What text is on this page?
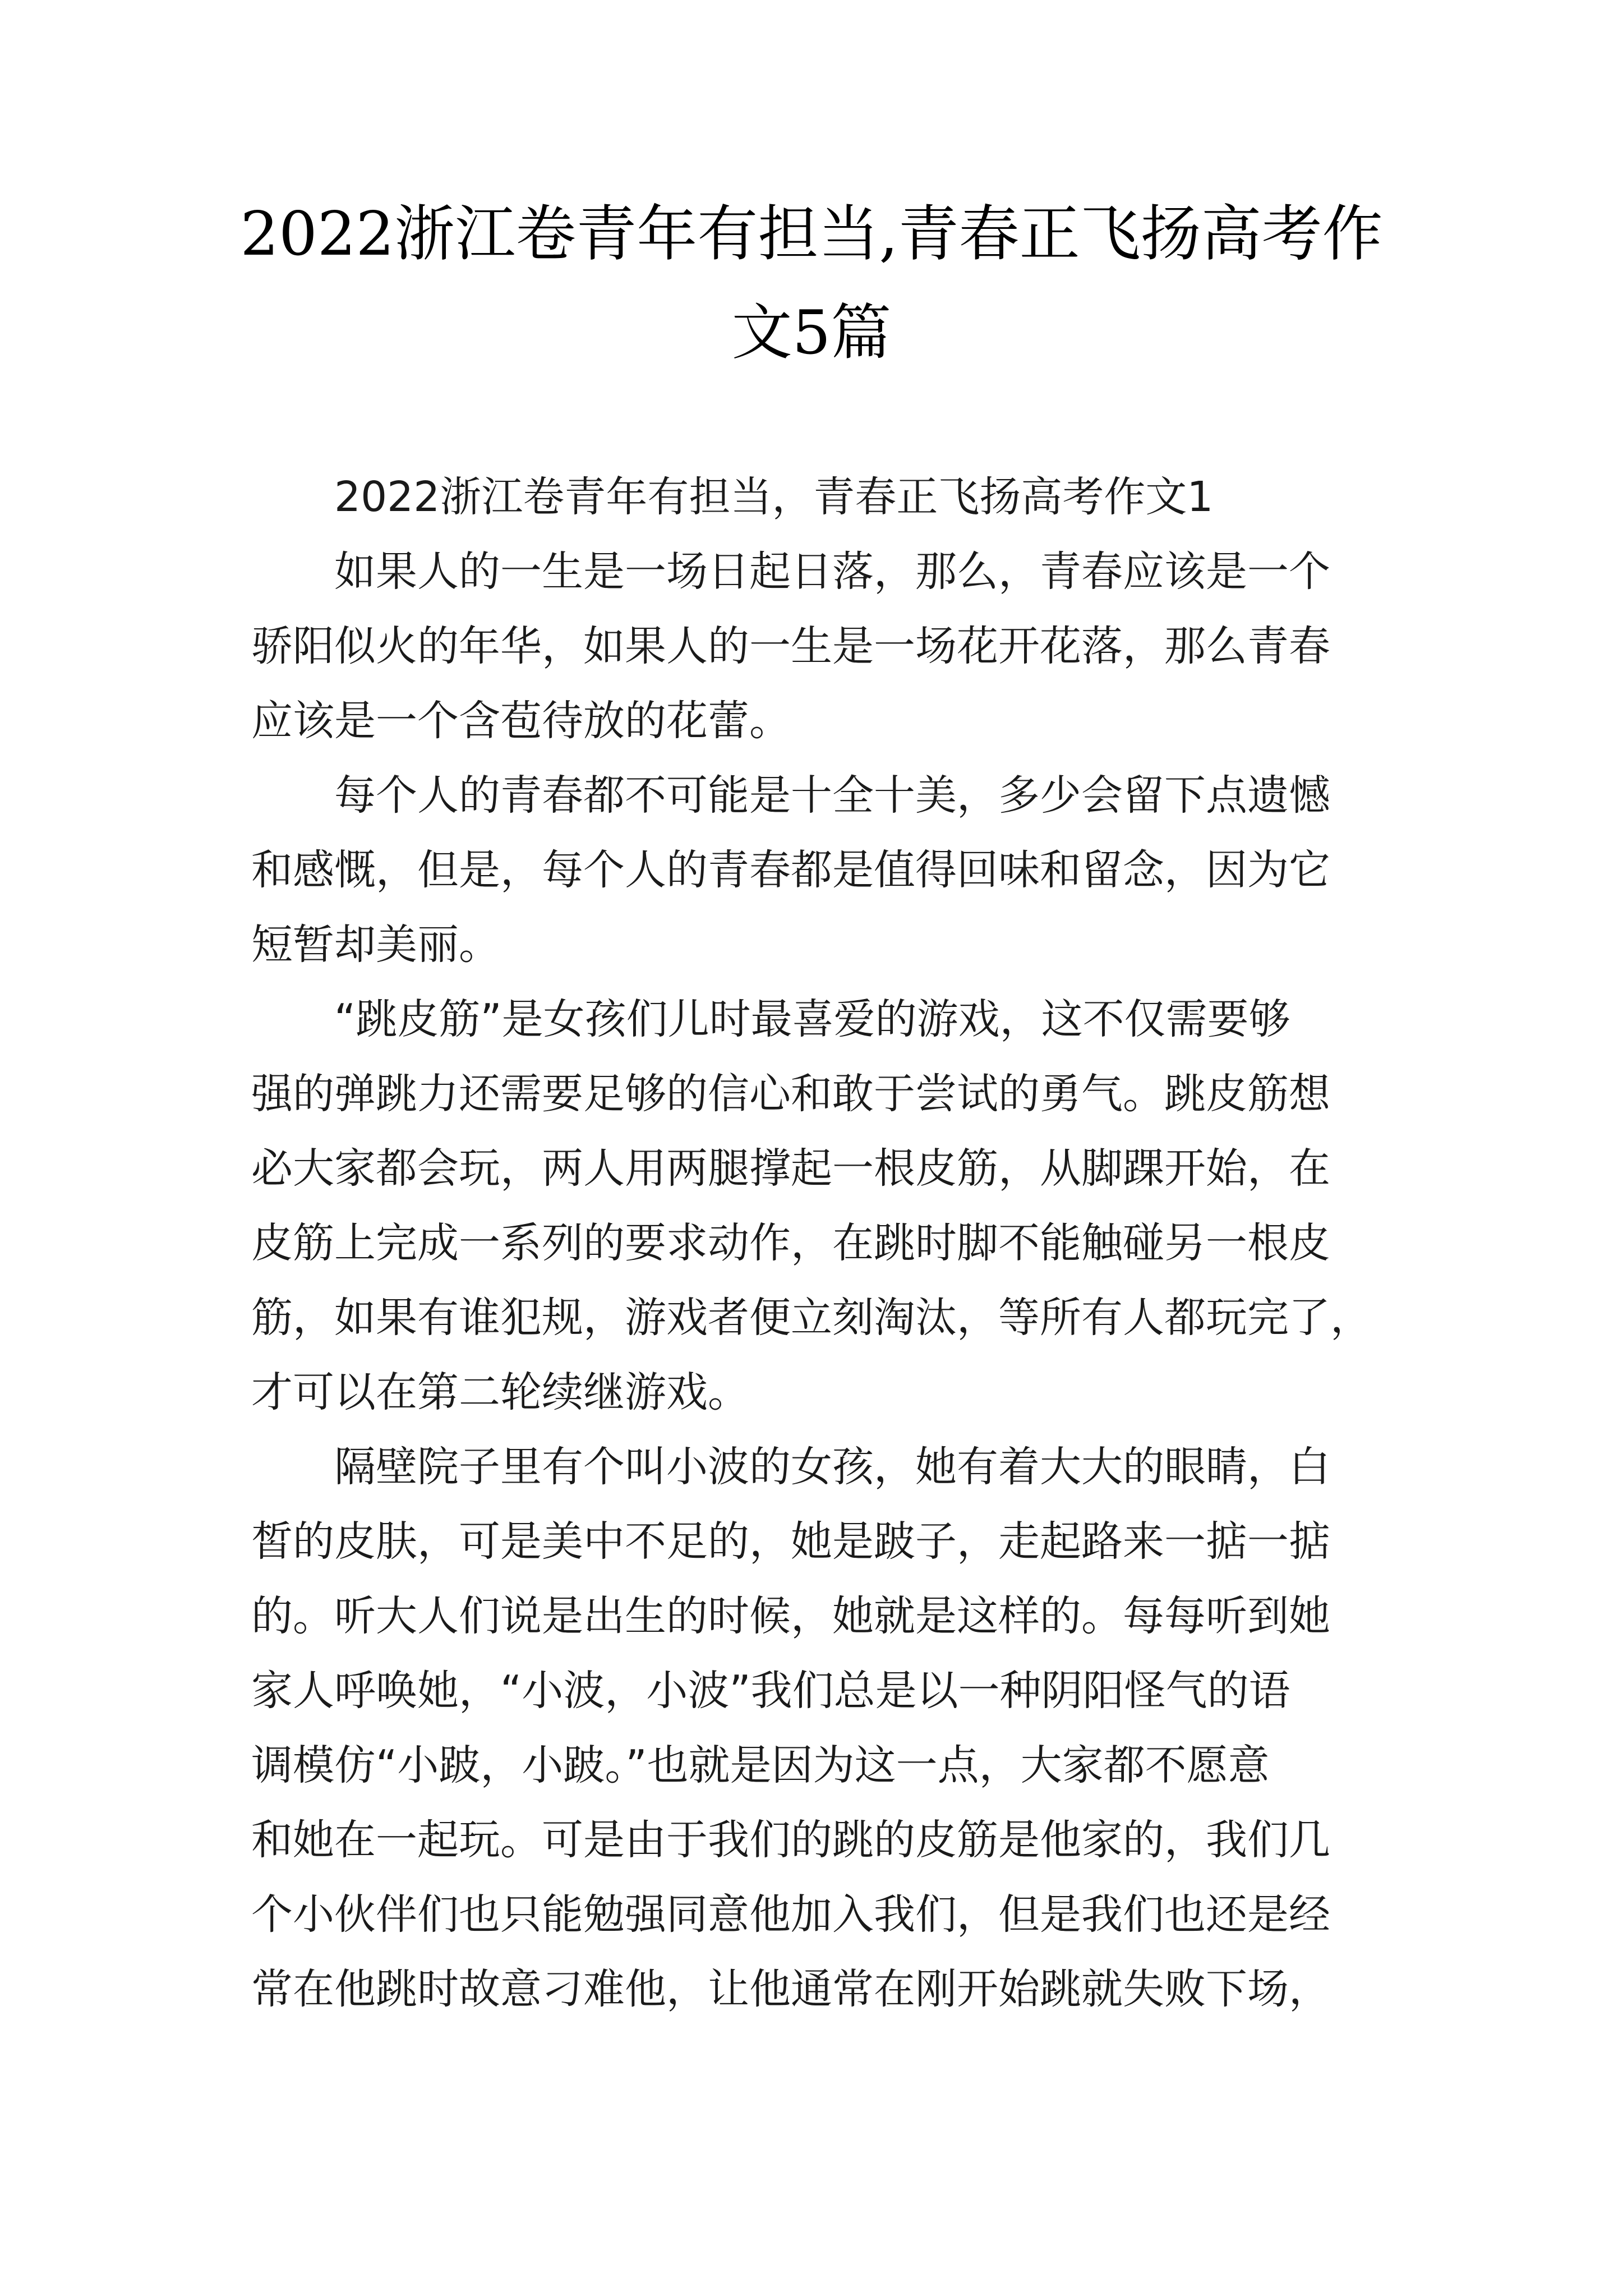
2022浙江卷青年有担当,青春正飞扬高考作
文5篇

2022浙江卷青年有担当，青春正飞扬高考作文1

如果人的一生是一场日起日落，那么，青春应该是一个
骄阳似火的年华，如果人的一生是一场花开花落，那么青春
应该是一个含苞待放的花蕾。

每个人的青春都不可能是十全十美，多少会留下点遗憾
和感慨，但是，每个人的青春都是值得回味和留念，因为它
短暂却美丽。

“跳皮筋”是女孩们儿时最喜爱的游戏，这不仅需要够
强的弹跳力还需要足够的信心和敢于尝试的勇气。跳皮筋想
必大家都会玩，两人用两腿撑起一根皮筋，从脚踝开始，在
皮筋上完成一系列的要求动作，在跳时脚不能触碰另一根皮
筋，如果有谁犯规，游戏者便立刻淘汰，等所有人都玩完了，
才可以在第二轮续继游戏。

隔壁院子里有个叫小波的女孩，她有着大大的眼睛，白
皙的皮肤，可是美中不足的，她是跛子，走起路来一掂一掂
的。听大人们说是出生的时候，她就是这样的。每每听到她
家人呼唤她，“小波，小波”我们总是以一种阴阳怪气的语
调模仿“小跛，小跛。”也就是因为这一点，大家都不愿意
和她在一起玩。可是由于我们的跳的皮筋是他家的，我们几
个小伙伴们也只能勉强同意他加入我们，但是我们也还是经
常在他跳时故意刁难他，让他通常在刚开始跳就失败下场，
